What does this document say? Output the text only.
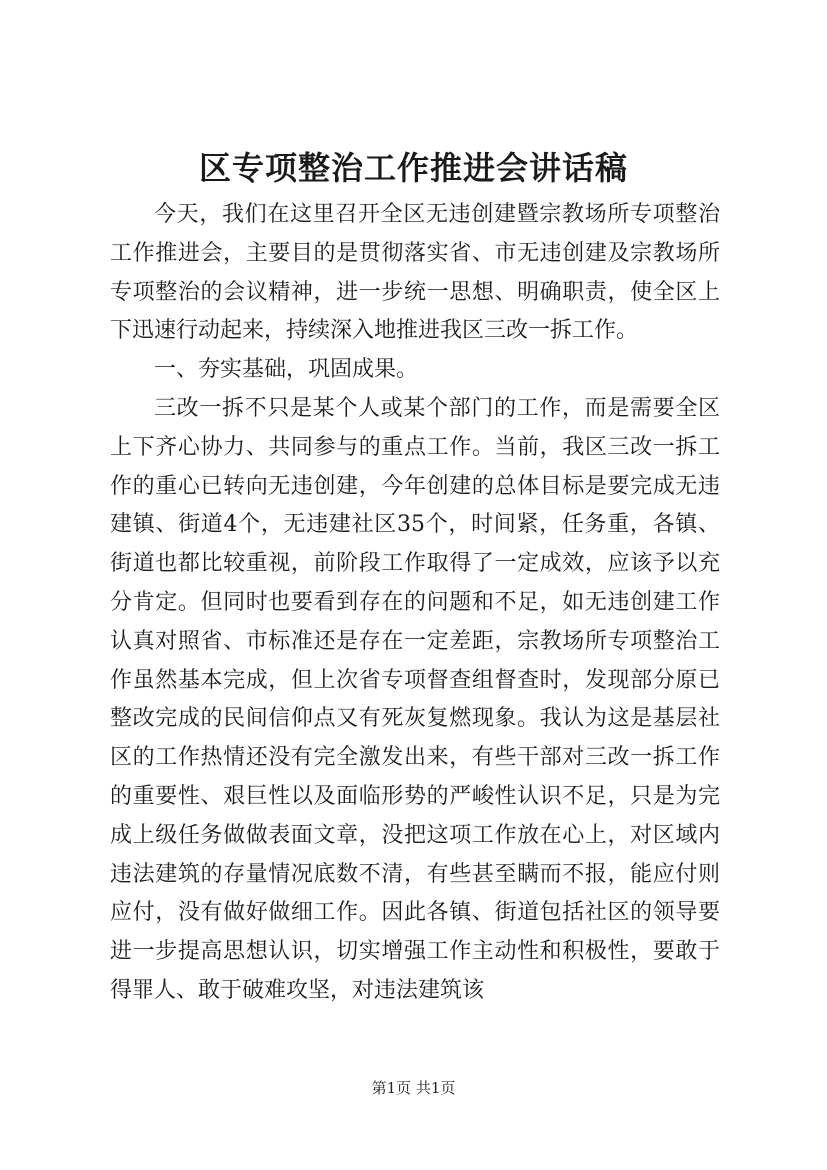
区专项整治工作推进会讲话稿

今天，我们在这里召开全区无违创建暨宗教场所专项整治工作推进会，主要目的是贯彻落实省、市无违创建及宗教场所专项整治的会议精神，进一步统一思想、明确职责，使全区上下迅速行动起来，持续深入地推进我区三改一拆工作。

一、夯实基础，巩固成果。

三改一拆不只是某个人或某个部门的工作，而是需要全区上下齐心协力、共同参与的重点工作。当前，我区三改一拆工作的重心已转向无违创建，今年创建的总体目标是要完成无违建镇、街道4个，无违建社区35个，时间紧，任务重，各镇、街道也都比较重视，前阶段工作取得了一定成效，应该予以充分肯定。但同时也要看到存在的问题和不足，如无违创建工作认真对照省、市标准还是存在一定差距，宗教场所专项整治工作虽然基本完成，但上次省专项督查组督查时，发现部分原已整改完成的民间信仰点又有死灰复燃现象。我认为这是基层社区的工作热情还没有完全激发出来，有些干部对三改一拆工作的重要性、艰巨性以及面临形势的严峻性认识不足，只是为完成上级任务做做表面文章，没把这项工作放在心上，对区域内违法建筑的存量情况底数不清，有些甚至瞒而不报，能应付则应付，没有做好做细工作。因此各镇、街道包括社区的领导要进一步提高思想认识，切实增强工作主动性和积极性，要敢于得罪人、敢于破难攻坚，对违法建筑该

第1页 共1页
